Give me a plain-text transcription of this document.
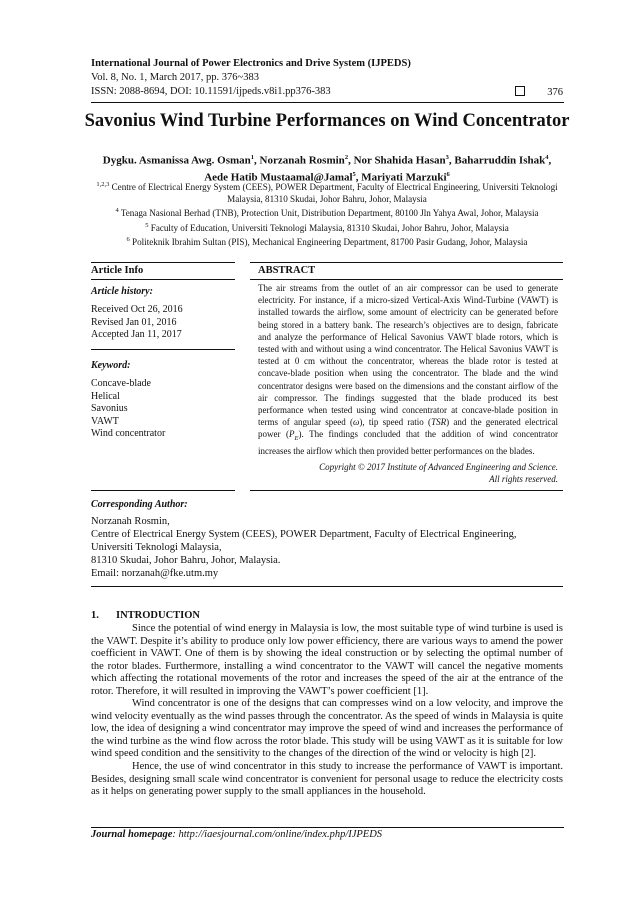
International Journal of Power Electronics and Drive System (IJPEDS)
Vol. 8, No. 1, March 2017, pp. 376~383
ISSN: 2088-8694, DOI: 10.11591/ijpeds.v8i1.pp376-383	376
Savonius Wind Turbine Performances on Wind Concentrator
Dygku. Asmanissa Awg. Osman$^1$, Norzanah Rosmin$^2$, Nor Shahida Hasan$^3$, Baharruddin Ishak$^4$,
Aede Hatib Mustaamal@Jamal$^5$, Mariyati Marzuki$^6$
$^{1,2,3}$ Centre of Electrical Energy System (CEES), POWER Department, Faculty of Electrical Engineering, Universiti Teknologi Malaysia, 81310 Skudai, Johor Bahru, Johor, Malaysia
$^4$ Tenaga Nasional Berhad (TNB), Protection Unit, Distribution Department, 80100 Jln Yahya Awal, Johor, Malaysia
$^5$ Faculty of Education, Universiti Teknologi Malaysia, 81310 Skudai, Johor Bahru, Johor, Malaysia
$^6$ Politeknik Ibrahim Sultan (PIS), Mechanical Engineering Department, 81700 Pasir Gudang, Johor, Malaysia
Article Info
Article history:
Received Oct 26, 2016
Revised Jan 01, 2016
Accepted Jan 11, 2017
Keyword:
Concave-blade
Helical
Savonius
VAWT
Wind concentrator
ABSTRACT
The air streams from the outlet of an air compressor can be used to generate electricity. For instance, if a micro-sized Vertical-Axis Wind-Turbine (VAWT) is installed towards the airflow, some amount of electricity can be generated before being stored in a battery bank. The research’s objectives are to design, fabricate and analyze the performance of Helical Savonius VAWT blade rotors, which is tested with and without using a wind concentrator. The Helical Savonius VAWT is tested at 0 cm without the concentrator, whereas the blade rotor is tested at concave-blade position when using the concentrator. The blade and the wind concentrator designs were based on the dimensions and the constant airflow of the air compressor. The findings suggested that the blade produced its best performance when tested using wind concentrator at concave-blade position in terms of angular speed (ω), tip speed ratio (TSR) and the generated electrical power $(P_E)$. The findings concluded that the addition of wind concentrator increases the airflow which then provided better performances on the blades.
Copyright © 2017 Institute of Advanced Engineering and Science.
All rights reserved.
Corresponding Author:
Norzanah Rosmin,
Centre of Electrical Energy System (CEES), POWER Department, Faculty of Electrical Engineering,
Universiti Teknologi Malaysia,
81310 Skudai, Johor Bahru, Johor, Malaysia.
Email: norzanah@fke.utm.my
1. INTRODUCTION

Since the potential of wind energy in Malaysia is low, the most suitable type of wind turbine is used is the VAWT. Despite it’s ability to produce only low power efficiency, there are various ways to amend the power coefficient in VAWT. One of them is by showing the ideal construction or by selecting the optimal number of the rotor blades. Furthermore, installing a wind concentrator to the VAWT will cancel the negative moments which affecting the rotational movements of the rotor and increases the speed of the air at the entrance of the rotor. Therefore, it will resulted in improving the VAWT’s power coefficient [1].

Wind concentrator is one of the designs that can compresses wind on a low velocity, and improve the wind velocity eventually as the wind passes through the concentrator. As the speed of winds in Malaysia is quite low, the idea of designing a wind concentrator may improve the speed of wind and increases the performance of the wind turbine as the wind flow across the rotor blade. This study will be using VAWT as it is suitable for low wind speed condition and the sensitivity to the changes of the direction of the wind or velocity is high [2].

Hence, the use of wind concentrator in this study to increase the performance of VAWT is important. Besides, designing small scale wind concentrator is convenient for personal usage to reduce the electricity costs as it helps on generating power supply to the small appliances in the household.

Journal homepage: http://iaesjournal.com/online/index.php/IJPEDS
